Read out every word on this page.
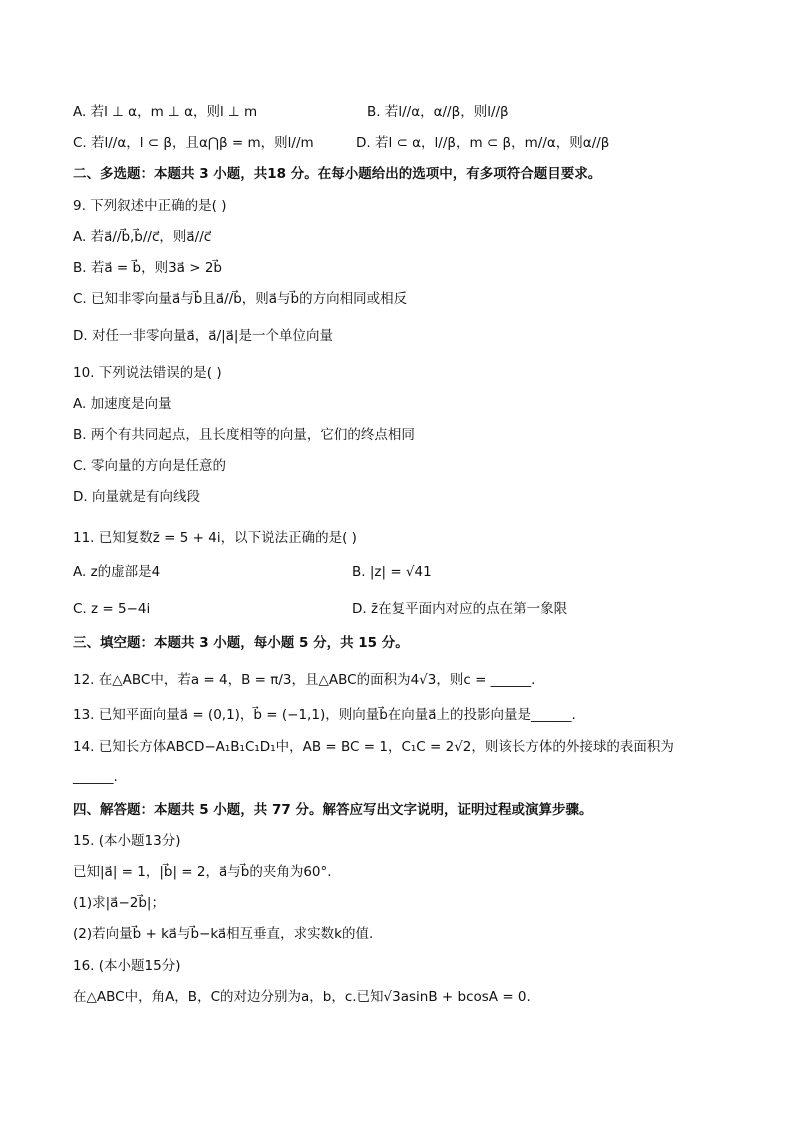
A. 若l ⊥ α，m ⊥ α，则l ⊥ m	B. 若l//α，α//β，则l//β
C. 若l//α，l ⊂ β，且α⋂β = m，则l//m	D. 若l ⊂ α，l//β，m ⊂ β，m//α，则α//β
二、多选题：本题共 3 小题，共18 分。在每小题给出的选项中，有多项符合题目要求。
9. 下列叙述中正确的是( )
A. 若a⃗//b⃗,b⃗//c⃗，则a⃗//c⃗
B. 若a⃗ = b⃗，则3a⃗ > 2b⃗
C. 已知非零向量a⃗与b⃗且a⃗//b⃗，则a⃗与b⃗的方向相同或相反
D. 对任一非零向量a⃗，a⃗/|a⃗|是一个单位向量
10. 下列说法错误的是( )
A. 加速度是向量
B. 两个有共同起点，且长度相等的向量，它们的终点相同
C. 零向量的方向是任意的
D. 向量就是有向线段
11. 已知复数z̄ = 5 + 4i，以下说法正确的是( )
A. z的虚部是4	B. |z| = √41
C. z = 5−4i	D. z̄在复平面内对应的点在第一象限
三、填空题：本题共 3 小题，每小题 5 分，共 15 分。
12. 在△ABC中，若a = 4，B = π/3，且△ABC的面积为4√3，则c = ______.
13. 已知平面向量a⃗ = (0,1)，b⃗ = (−1,1)，则向量b⃗在向量a⃗上的投影向量是______.
14. 已知长方体ABCD−A₁B₁C₁D₁中，AB = BC = 1，C₁C = 2√2，则该长方体的外接球的表面积为
______.
四、解答题：本题共 5 小题，共 77 分。解答应写出文字说明，证明过程或演算步骤。
15. (本小题13分)
已知|a⃗| = 1，|b⃗| = 2，a⃗与b⃗的夹角为60°.
(1)求|a⃗−2b⃗|；
(2)若向量b⃗ + ka⃗与b⃗−ka⃗相互垂直，求实数k的值.
16. (本小题15分)
在△ABC中，角A，B，C的对边分别为a，b，c.已知√3asinB + bcosA = 0.
